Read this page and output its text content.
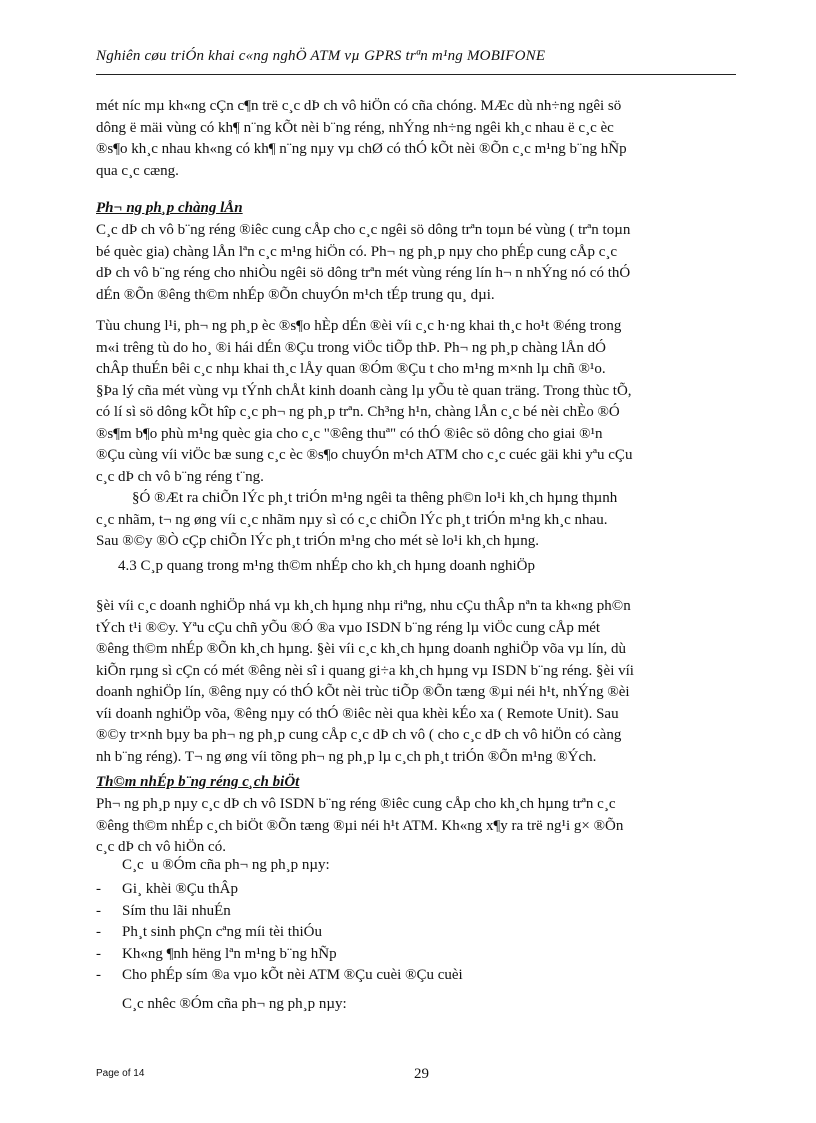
Nghiên cøu triÓn khai c«ng nghÖ ATM vµ GPRS trªn m¹ng MOBIFONE
mét níc mµ kh«ng cÇn c¶n trë c¸c dÞ ch vô hiÖn có cña chóng. MÆc dù nh÷ng ngêi sö
dông ë mäi vùng có kh¶ n¨ng kÕt nèi b¨ng réng, nhÝng nh÷ng ngêi kh¸c nhau ë c¸c èc
®s¶o kh¸c nhau kh«ng có kh¶ n¨ng nµy vµ chØ có thÓ kÕt nèi ®Õn c¸c m¹ng b¨ng hÑp
qua c¸c cæng.
Ph¬ ng ph¸p chàng lÅn
C¸c dÞ ch vô b¨ng réng ®iêc cung cÅp cho c¸c ngêi sö dông trªn toµn bé vùng ( trªn toµn
bé quèc gia) chàng lÅn lªn c¸c m¹ng hiÖn có. Ph¬ ng ph¸p nµy cho phÉp cung cÅp c¸c
dÞ ch vô b¨ng réng cho nhiÒu ngêi sö dông trªn mét vùng réng lín h¬ n nhÝng nó có thÓ
dÉn ®Õn ®êng th©m nhÉp ®Õn chuyÓn m¹ch tÉp trung qu¸ dµi.
Tùu chung l¹i, ph¬ ng ph¸p èc ®s¶o hÈp dÉn ®èi víi c¸c h·ng khai th¸c ho¹t ®éng trong
m«i trêng tù do ho¸ ®i hái dÉn ®Çu trong viÖc tiÕp thÞ. Ph¬ ng ph¸p chàng lÅn dÓ
chÂp thuÉn bêi c¸c nhµ khai th¸c lÅy quan ®Óm ®Çu t cho m¹ng m×nh lµ chñ ®¹o.
§Þa lý cña mét vùng vµ tÝnh chÅt kinh doanh càng lµ yÕu tè quan träng. Trong thùc tÕ,
có lí sì sö dông kÕt hîp c¸c ph¬ ng ph¸p trªn. Ch³ng h¹n, chàng lÅn c¸c bé nèi chÈo ®Ó
®s¶m b¶o phù m¹ng quèc gia cho c¸c "®êng thuª" có thÓ ®iêc sö dông cho giai ®¹n
®Çu cùng víi viÖc bæ sung c¸c èc ®s¶o chuyÓn m¹ch ATM cho c¸c cuéc gäi khi yªu cÇu
c¸c dÞ ch vô b¨ng réng t¨ng.
§Ó ®Æt ra chiÕn lÝc ph¸t triÓn m¹ng ngêi ta thêng ph©n lo¹i kh¸ch hµng thµnh
c¸c nhãm, t¬ ng øng víi c¸c nhãm nµy sì có c¸c chiÕn lÝc ph¸t triÓn m¹ng kh¸c nhau.
Sau ®©y ®Ò cÇp chiÕn lÝc ph¸t triÓn m¹ng cho mét sè lo¹i kh¸ch hµng.
4.3 C¸p quang trong m¹ng th©m nhÉp cho kh¸ch hµng doanh nghiÖp
§èi víi c¸c doanh nghiÖp nhá vµ kh¸ch hµng nhµ riªng, nhu cÇu thÂp nªn ta kh«ng ph©n
tÝch t¹i ®©y. Yªu cÇu chñ yÕu ®Ó ®a vµo ISDN b¨ng réng lµ viÖc cung cÅp mét
®êng th©m nhÉp ®Õn kh¸ch hµng. §èi víi c¸c kh¸ch hµng doanh nghiÖp võa vµ lín, dù
kiÕn rµng sì cÇn có mét ®êng nèi sî i quang gi÷a kh¸ch hµng vµ ISDN b¨ng réng. §èi víi
doanh nghiÖp lín, ®êng nµy có thÓ kÕt nèi trùc tiÕp ®Õn tæng ®µi néi h¹t, nhÝng ®èi
víi doanh nghiÖp võa, ®êng nµy có thÓ ®iêc nèi qua khèi kÉo xa ( Remote Unit). Sau
®©y tr×nh bµy ba ph¬ ng ph¸p cung cÅp c¸c dÞ ch vô ( cho c¸c dÞ ch vô hiÖn có càng
nh b¨ng réng). T¬ ng øng víi tõng ph¬ ng ph¸p lµ c¸ch ph¸t triÓn ®Õn m¹ng ®Ých.
Th©m nhÉp b¨ng réng c¸ch biÖt
Ph¬ ng ph¸p nµy c¸c dÞ ch vô ISDN b¨ng réng ®iêc cung cÅp cho kh¸ch hµng trªn c¸c
®êng th©m nhÉp c¸ch biÖt ®Õn tæng ®µi néi h¹t ATM. Kh«ng x¶y ra trë ng¹i g× ®Õn
c¸c dÞ ch vô hiÖn có.
C¸c u ®Óm cña ph¬ ng ph¸p nµy:
- Gi¸ khèi ®Çu thÂp
- Sím thu lãi nhuÉn
- Ph¸t sinh phÇn cªng míi tèi thiÓu
- Kh«ng ¶nh hëng lªn m¹ng b¨ng hÑp
- Cho phÉp sím ®a vµo kÕt nèi ATM ®Çu cuèi ®Çu cuèi
C¸c nhêc ®Óm cña ph¬ ng ph¸p nµy:
Page of 14	29
